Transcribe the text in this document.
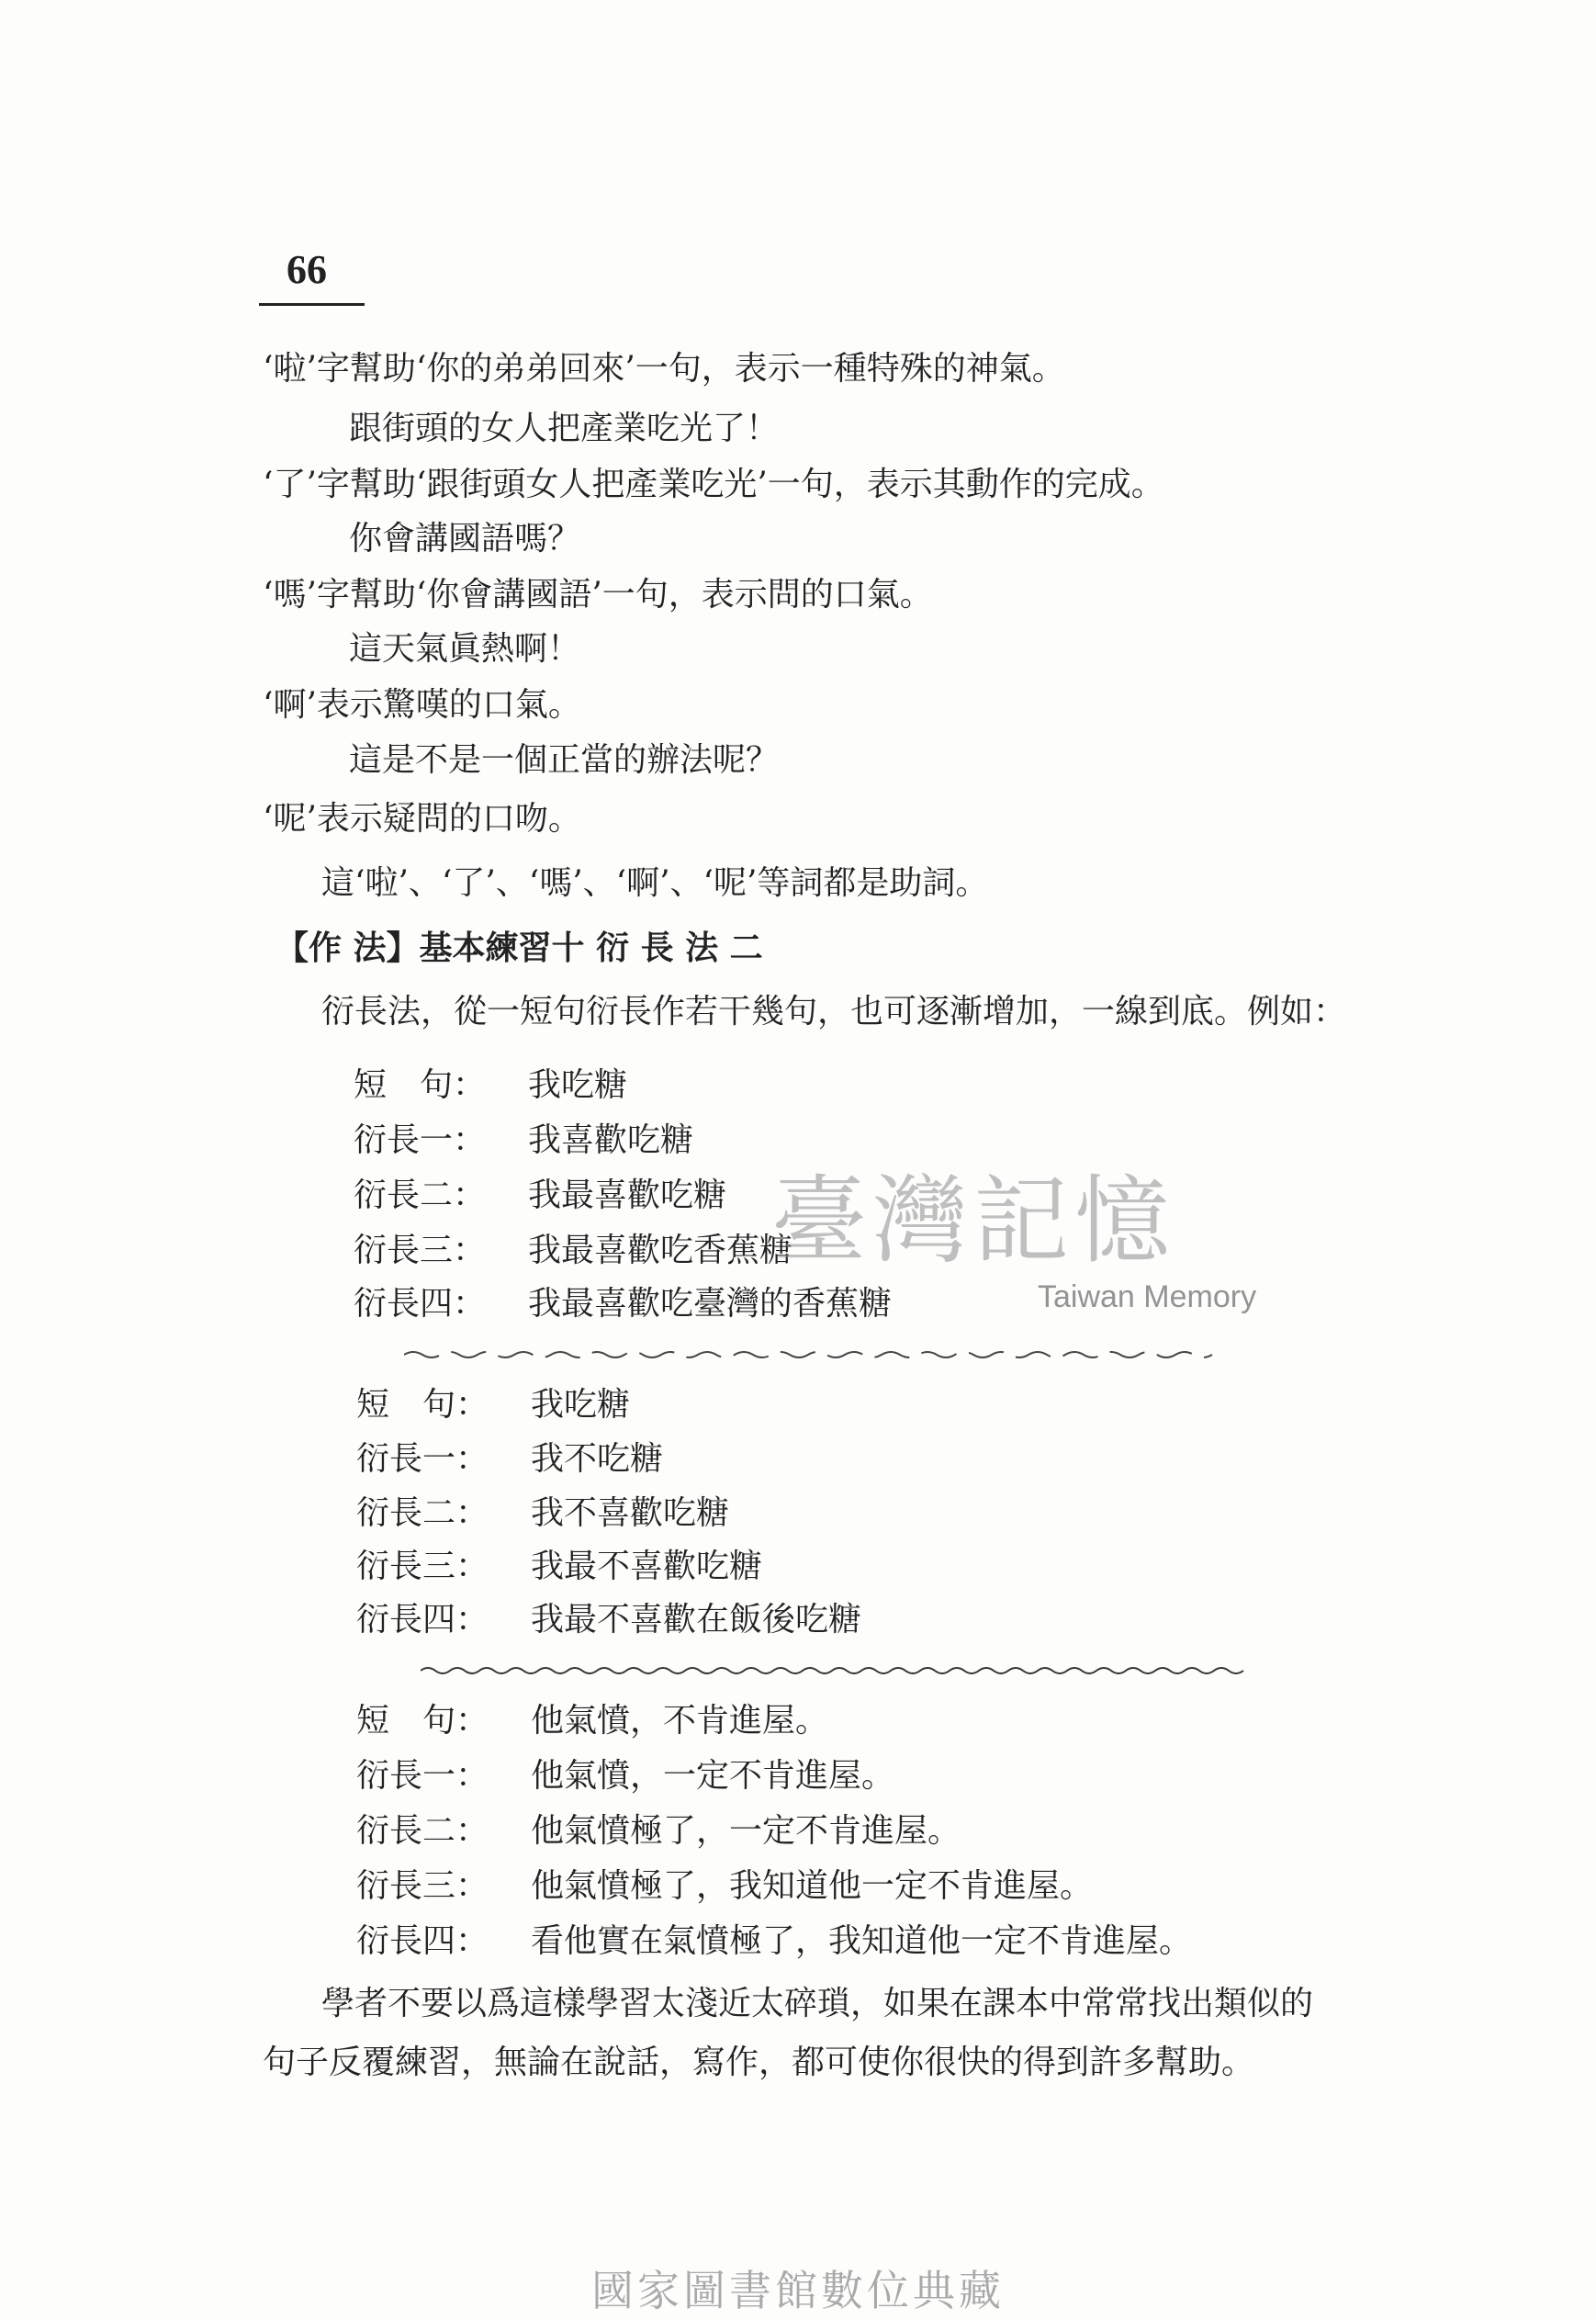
66
‘啦’字幫助‘你的弟弟回來’一句，表示一種特殊的神氣。
跟街頭的女人把產業吃光了！
‘了’字幫助‘跟街頭女人把產業吃光’一句，表示其動作的完成。
你會講國語嗎？
‘嗎’字幫助‘你會講國語’一句，表示問的口氣。
這天氣眞熱啊！
‘啊’表示驚嘆的口氣。
這是不是一個正當的辦法呢？
‘呢’表示疑問的口吻。
這‘啦’、‘了’、‘嗎’、‘啊’、‘呢’等詞都是助詞。
【作 法】基本練習十 衍 長 法 二
衍長法，從一短句衍長作若干幾句，也可逐漸增加，一線到底。例如：
短　句： 我吃糖
衍長一： 我喜歡吃糖
衍長二： 我最喜歡吃糖
衍長三： 我最喜歡吃香蕉糖
衍長四： 我最喜歡吃臺灣的香蕉糖
短　句： 我吃糖
衍長一： 我不吃糖
衍長二： 我不喜歡吃糖
衍長三： 我最不喜歡吃糖
衍長四： 我最不喜歡在飯後吃糖
短　句： 他氣憤，不肯進屋。
衍長一： 他氣憤，一定不肯進屋。
衍長二： 他氣憤極了，一定不肯進屋。
衍長三： 他氣憤極了，我知道他一定不肯進屋。
衍長四： 看他實在氣憤極了，我知道他一定不肯進屋。
學者不要以爲這樣學習太淺近太碎瑣，如果在課本中常常找出類似的
句子反覆練習，無論在說話，寫作，都可使你很快的得到許多幫助。
臺灣記憶
Taiwan Memory
國家圖書館數位典藏
